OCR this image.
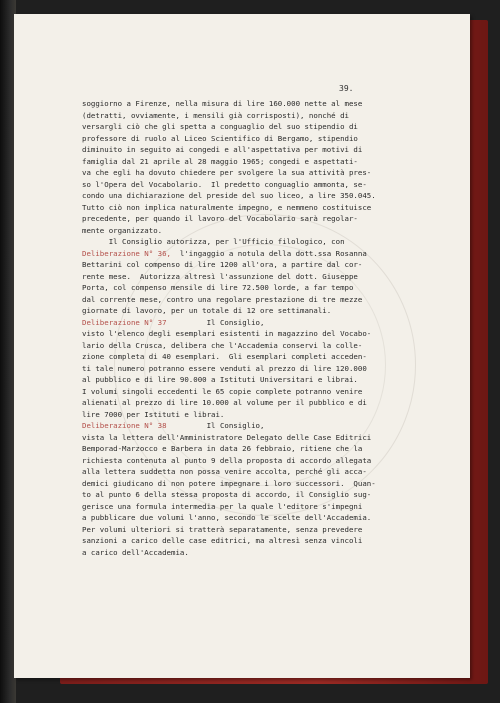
39.
soggiorno a Firenze, nella misura di lire 160.000 nette al mese
(detratti, ovviamente, i mensili già corrisposti), nonché di
versargli ciò che gli spetta a conguaglio del suo stipendio di
professore di ruolo al Liceo Scientifico di Bergamo, stipendio
diminuito in seguito ai congedi e all'aspettativa per motivi di
famiglia dal 21 aprile al 28 maggio 1965; congedi e aspettati-
va che egli ha dovuto chiedere per svolgere la sua attività pres-
so l'Opera del Vocabolario.  Il predetto conguaglio ammonta, se-
condo una dichiarazione del preside del suo liceo, a lire 350.045.
Tutto ciò non implica naturalmente impegno, e nemmeno costituisce
precedente, per quando il lavoro del Vocabolario sarà regolar-
mente organizzato.
Il Consiglio autorizza, per l'Ufficio filologico, con
Deliberazione N° 36,  l'ingaggio a notula della dott.ssa Rosanna
Bettarini col compenso di lire 1200 all'ora, a partire dal cor-
rente mese.  Autorizza altresì l'assunzione del dott. Giuseppe
Porta, col compenso mensile di lire 72.500 lorde, a far tempo
dal corrente mese, contro una regolare prestazione di tre mezze
giornate di lavoro, per un totale di 12 ore settimanali.
Deliberazione N° 37         Il Consiglio,
visto l'elenco degli esemplari esistenti in magazzino del Vocabo-
lario della Crusca, delibera che l'Accademia conservi la colle-
zione completa di 40 esemplari.  Gli esemplari completi acceden-
ti tale numero potranno essere venduti al prezzo di lire 120.000
al pubblico e di lire 90.000 a Istituti Universitari e librai.
I volumi singoli eccedenti le 65 copie complete potranno venire
alienati al prezzo di lire 10.000 al volume per il pubblico e di
lire 7000 per Istituti e librai.
Deliberazione N° 38         Il Consiglio,
vista la lettera dell'Amministratore Delegato delle Case Editrici
Bemporad-Marzocco e Barbera in data 26 febbraio, ritiene che la
richiesta contenuta al punto 9 della proposta di accordo allegata
alla lettera suddetta non possa venire accolta, perché gli acca-
demici giudicano di non potere impegnare i loro successori.  Quan-
to al punto 6 della stessa proposta di accordo, il Consiglio sug-
gerisce una formula intermedia per la quale l'editore s'impegni
a pubblicare due volumi l'anno, secondo le scelte dell'Accademia.
Per volumi ulteriori si tratterà separatamente, senza prevedere
sanzioni a carico delle case editrici, ma altresì senza vincoli
a carico dell'Accademia.
